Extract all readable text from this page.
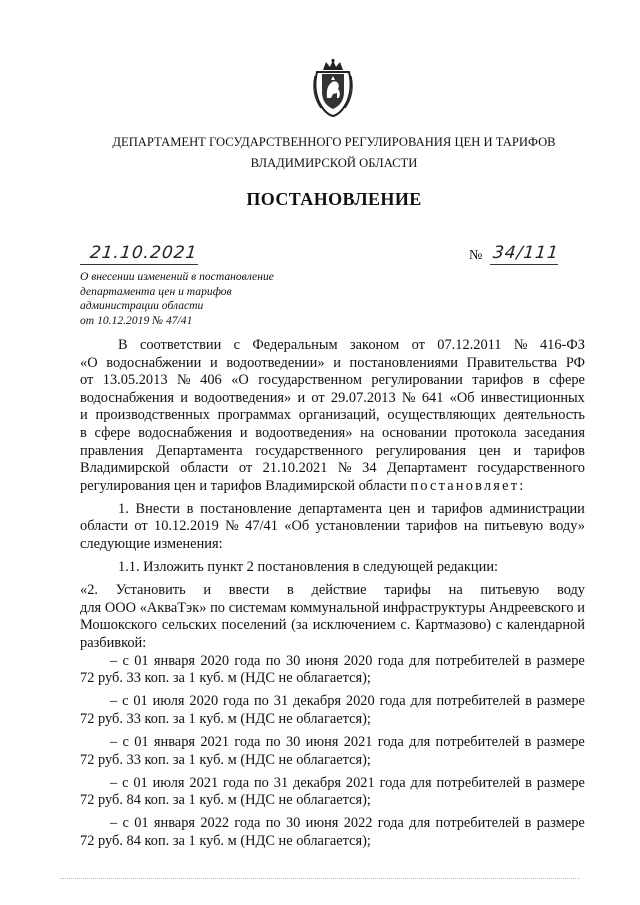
ДЕПАРТАМЕНТ ГОСУДАРСТВЕННОГО РЕГУЛИРОВАНИЯ ЦЕН И ТАРИФОВ
ВЛАДИМИРСКОЙ ОБЛАСТИ
ПОСТАНОВЛЕНИЕ
21.10.2021	№ 34/111
О внесении изменений в постановление
департамента цен и тарифов
администрации области
от 10.12.2019 № 47/41
В соответствии с Федеральным законом от 07.12.2011 № 416-ФЗ
«О водоснабжении и водоотведении» и постановлениями Правительства РФ
от 13.05.2013 № 406 «О государственном регулировании тарифов в сфере
водоснабжения и водоотведения» и от 29.07.2013 № 641 «Об инвестиционных
и производственных программах организаций, осуществляющих деятельность
в сфере водоснабжения и водоотведения» на основании протокола заседания
правления Департамента государственного регулирования цен и тарифов
Владимирской области от 21.10.2021 № 34 Департамент государственного
регулирования цен и тарифов Владимирской области постановляет:
1. Внести в постановление департамента цен и тарифов администрации
области от 10.12.2019 № 47/41 «Об установлении тарифов на питьевую воду»
следующие изменения:
1.1. Изложить пункт 2 постановления в следующей редакции:
«2. Установить и ввести в действие тарифы на питьевую воду
для ООО «АкваТэк» по системам коммунальной инфраструктуры Андреевского и
Мошокского сельских поселений (за исключением с. Картмазово) с календарной
разбивкой:
– с 01 января 2020 года по 30 июня 2020 года для потребителей в размере
72 руб. 33 коп. за 1 куб. м (НДС не облагается);
– с 01 июля 2020 года по 31 декабря 2020 года для потребителей в размере
72 руб. 33 коп. за 1 куб. м (НДС не облагается);
– с 01 января 2021 года по 30 июня 2021 года для потребителей в размере
72 руб. 33 коп. за 1 куб. м (НДС не облагается);
– с 01 июля 2021 года по 31 декабря 2021 года для потребителей в размере
72 руб. 84 коп. за 1 куб. м (НДС не облагается);
– с 01 января 2022 года по 30 июня 2022 года для потребителей в размере
72 руб. 84 коп. за 1 куб. м (НДС не облагается);
